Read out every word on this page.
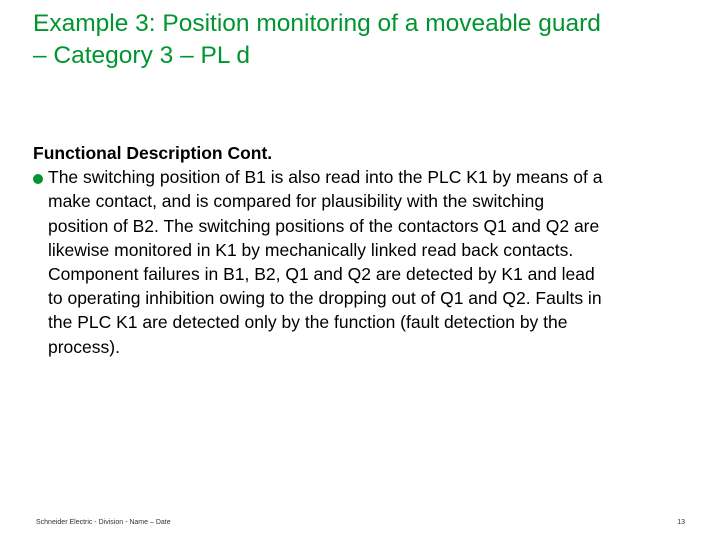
Example 3: Position monitoring of a moveable guard
– Category 3 – PL d
Functional Description Cont.
The switching position of B1 is also read into the PLC K1 by means of a
make contact, and is compared for plausibility with the switching
position of B2. The switching positions of the contactors Q1 and Q2 are
likewise monitored in K1 by mechanically linked read back contacts.
Component failures in B1, B2, Q1 and Q2 are detected by K1 and lead
to operating inhibition owing to the dropping out of Q1 and Q2. Faults in
the PLC K1 are detected only by the function (fault detection by the
process).
Schneider Electric - Division - Name – Date	13
